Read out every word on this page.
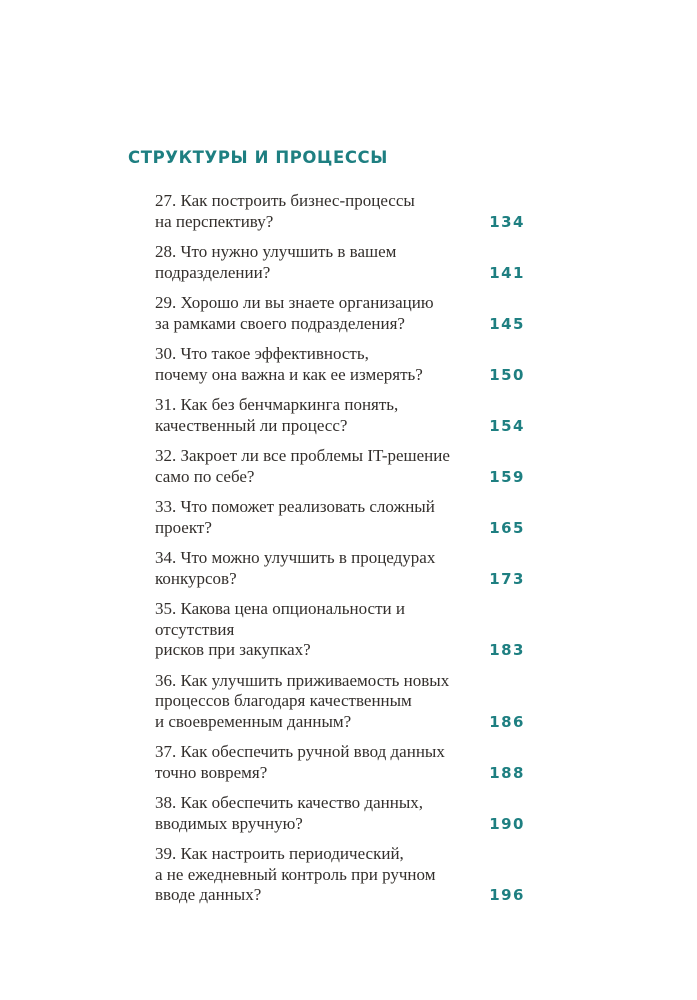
СТРУКТУРЫ И ПРОЦЕССЫ
27. Как построить бизнес-процессы
на перспективу?	134
28. Что нужно улучшить в вашем
подразделении?	141
29. Хорошо ли вы знаете организацию
за рамками своего подразделения?	145
30. Что такое эффективность,
почему она важна и как ее измерять?	150
31. Как без бенчмаркинга понять,
качественный ли процесс?	154
32. Закроет ли все проблемы IT-решение
само по себе?	159
33. Что поможет реализовать сложный проект?	165
34. Что можно улучшить в процедурах конкурсов?	173
35. Какова цена опциональности и отсутствия
рисков при закупках?	183
36. Как улучшить приживаемость новых
процессов благодаря качественным
и своевременным данным?	186
37. Как обеспечить ручной ввод данных
точно вовремя?	188
38. Как обеспечить качество данных,
вводимых вручную?	190
39. Как настроить периодический,
а не ежедневный контроль при ручном
вводе данных?	196
